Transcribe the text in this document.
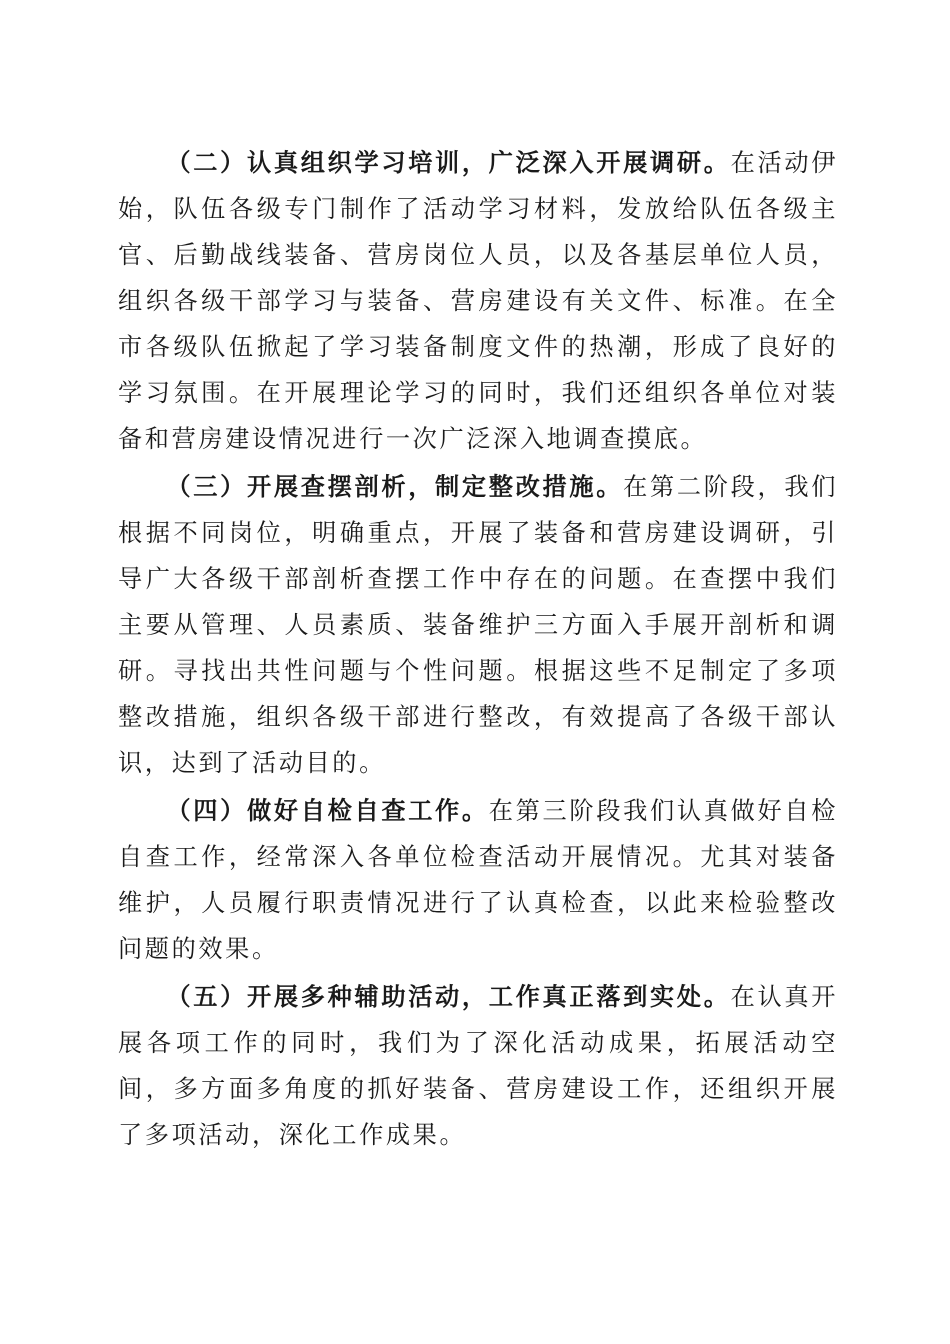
（二）认真组织学习培训，广泛深入开展调研。在活动伊始，队伍各级专门制作了活动学习材料，发放给队伍各级主官、后勤战线装备、营房岗位人员，以及各基层单位人员，组织各级干部学习与装备、营房建设有关文件、标准。在全市各级队伍掀起了学习装备制度文件的热潮，形成了良好的学习氛围。在开展理论学习的同时，我们还组织各单位对装备和营房建设情况进行一次广泛深入地调查摸底。

（三）开展查摆剖析，制定整改措施。在第二阶段，我们根据不同岗位，明确重点，开展了装备和营房建设调研，引导广大各级干部剖析查摆工作中存在的问题。在查摆中我们主要从管理、人员素质、装备维护三方面入手展开剖析和调研。寻找出共性问题与个性问题。根据这些不足制定了多项整改措施，组织各级干部进行整改，有效提高了各级干部认识，达到了活动目的。

（四）做好自检自查工作。在第三阶段我们认真做好自检自查工作，经常深入各单位检查活动开展情况。尤其对装备维护，人员履行职责情况进行了认真检查，以此来检验整改问题的效果。

（五）开展多种辅助活动，工作真正落到实处。在认真开展各项工作的同时，我们为了深化活动成果，拓展活动空间，多方面多角度的抓好装备、营房建设工作，还组织开展了多项活动，深化工作成果。
